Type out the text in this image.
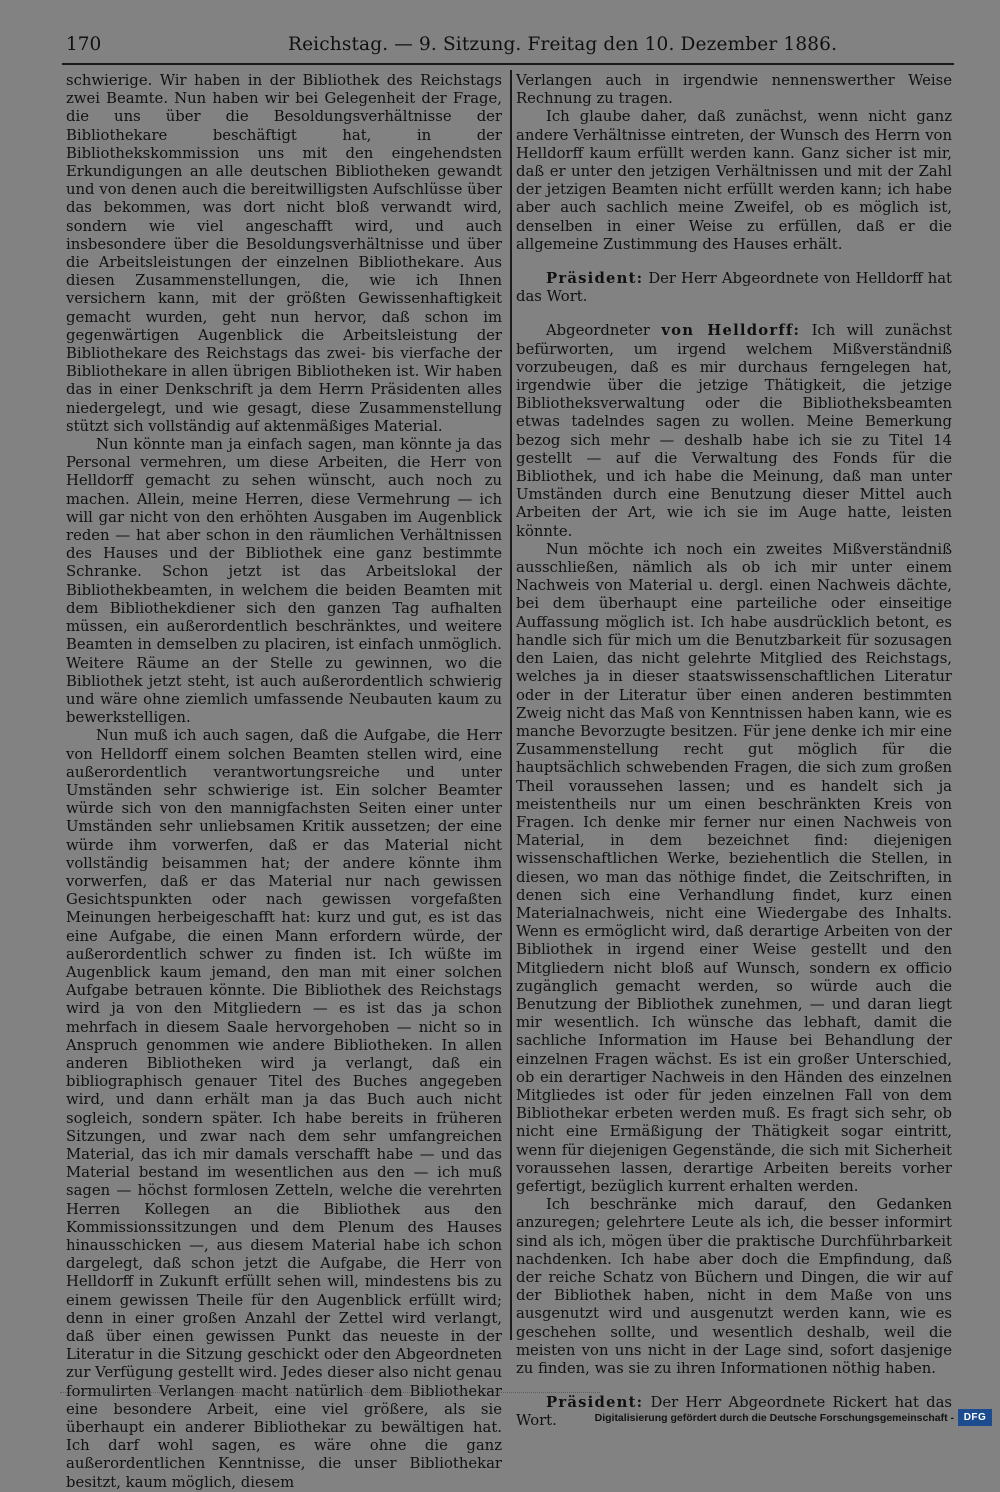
170	Reichstag. — 9. Sitzung. Freitag den 10. Dezember 1886.

schwierige. Wir haben in der Bibliothek des Reichstags zwei Beamte. Nun haben wir bei Gelegenheit der Frage, die uns über die Besoldungsverhältnisse der Bibliothekare beschäftigt hat, in der Bibliothekskommission uns mit den eingehendsten Erkundigungen an alle deutschen Bibliotheken gewandt und von denen auch die bereitwilligsten Aufschlüsse über das bekommen, was dort nicht bloß verwandt wird, sondern wie viel angeschafft wird, und auch insbesondere über die Besoldungsverhältnisse und über die Arbeitsleistungen der einzelnen Bibliothekare. Aus diesen Zusammenstellungen, die, wie ich Ihnen versichern kann, mit der größten Gewissenhaftigkeit gemacht wurden, geht nun hervor, daß schon im gegenwärtigen Augenblick die Arbeitsleistung der Bibliothekare des Reichstags das zwei- bis vierfache der Bibliothekare in allen übrigen Bibliotheken ist. Wir haben das in einer Denkschrift ja dem Herrn Präsidenten alles niedergelegt, und wie gesagt, diese Zusammenstellung stützt sich vollständig auf aktenmäßiges Material.

Nun könnte man ja einfach sagen, man könnte ja das Personal vermehren, um diese Arbeiten, die Herr von Helldorff gemacht zu sehen wünscht, auch noch zu machen. Allein, meine Herren, diese Vermehrung — ich will gar nicht von den erhöhten Ausgaben im Augenblick reden — hat aber schon in den räumlichen Verhältnissen des Hauses und der Bibliothek eine ganz bestimmte Schranke. Schon jetzt ist das Arbeitslokal der Bibliothekbeamten, in welchem die beiden Beamten mit dem Bibliothekdiener sich den ganzen Tag aufhalten müssen, ein außerordentlich beschränktes, und weitere Beamten in demselben zu placiren, ist einfach unmöglich. Weitere Räume an der Stelle zu gewinnen, wo die Bibliothek jetzt steht, ist auch außerordentlich schwierig und wäre ohne ziemlich umfassende Neubauten kaum zu bewerkstelligen.

Nun muß ich auch sagen, daß die Aufgabe, die Herr von Helldorff einem solchen Beamten stellen wird, eine außerordentlich verantwortungsreiche und unter Umständen sehr schwierige ist. Ein solcher Beamter würde sich von den mannigfachsten Seiten einer unter Umständen sehr unliebsamen Kritik aussetzen; der eine würde ihm vorwerfen, daß er das Material nicht vollständig beisammen hat; der andere könnte ihm vorwerfen, daß er das Material nur nach gewissen Gesichtspunkten oder nach gewissen vorgefaßten Meinungen herbeigeschafft hat: kurz und gut, es ist das eine Aufgabe, die einen Mann erfordern würde, der außerordentlich schwer zu finden ist. Ich wüßte im Augenblick kaum jemand, den man mit einer solchen Aufgabe betrauen könnte. Die Bibliothek des Reichstags wird ja von den Mitgliedern — es ist das ja schon mehrfach in diesem Saale hervorgehoben — nicht so in Anspruch genommen wie andere Bibliotheken. In allen anderen Bibliotheken wird ja verlangt, daß ein bibliographisch genauer Titel des Buches angegeben wird, und dann erhält man ja das Buch auch nicht sogleich, sondern später. Ich habe bereits in früheren Sitzungen, und zwar nach dem sehr umfangreichen Material, das ich mir damals verschafft habe — und das Material bestand im wesentlichen aus den — ich muß sagen — höchst formlosen Zetteln, welche die verehrten Herren Kollegen an die Bibliothek aus den Kommissionssitzungen und dem Plenum des Hauses hinausschicken —, aus diesem Material habe ich schon dargelegt, daß schon jetzt die Aufgabe, die Herr von Helldorff in Zukunft erfüllt sehen will, mindestens bis zu einem gewissen Theile für den Augenblick erfüllt wird; denn in einer großen Anzahl der Zettel wird verlangt, daß über einen gewissen Punkt das neueste in der Literatur in die Sitzung geschickt oder den Abgeordneten zur Verfügung gestellt wird. Jedes dieser also nicht genau formulirten Verlangen macht natürlich dem Bibliothekar eine besondere Arbeit, eine viel größere, als sie überhaupt ein anderer Bibliothekar zu bewältigen hat. Ich darf wohl sagen, es wäre ohne die ganz außerordentlichen Kenntnisse, die unser Bibliothekar besitzt, kaum möglich, diesem

Verlangen auch in irgendwie nennenswerther Weise Rechnung zu tragen.

Ich glaube daher, daß zunächst, wenn nicht ganz andere Verhältnisse eintreten, der Wunsch des Herrn von Helldorff kaum erfüllt werden kann. Ganz sicher ist mir, daß er unter den jetzigen Verhältnissen und mit der Zahl der jetzigen Beamten nicht erfüllt werden kann; ich habe aber auch sachlich meine Zweifel, ob es möglich ist, denselben in einer Weise zu erfüllen, daß er die allgemeine Zustimmung des Hauses erhält.

Präsident: Der Herr Abgeordnete von Helldorff hat das Wort.

Abgeordneter von Helldorff: Ich will zunächst befürworten, um irgend welchem Mißverständniß vorzubeugen, daß es mir durchaus ferngelegen hat, irgendwie über die jetzige Thätigkeit, die jetzige Bibliotheksverwaltung oder die Bibliotheksbeamten etwas tadelndes sagen zu wollen. Meine Bemerkung bezog sich mehr — deshalb habe ich sie zu Titel 14 gestellt — auf die Verwaltung des Fonds für die Bibliothek, und ich habe die Meinung, daß man unter Umständen durch eine Benutzung dieser Mittel auch Arbeiten der Art, wie ich sie im Auge hatte, leisten könnte.

Nun möchte ich noch ein zweites Mißverständniß ausschließen, nämlich als ob ich mir unter einem Nachweis von Material u. dergl. einen Nachweis dächte, bei dem überhaupt eine parteiliche oder einseitige Auffassung möglich ist. Ich habe ausdrücklich betont, es handle sich für mich um die Benutzbarkeit für sozusagen den Laien, das nicht gelehrte Mitglied des Reichstags, welches ja in dieser staatswissenschaftlichen Literatur oder in der Literatur über einen anderen bestimmten Zweig nicht das Maß von Kenntnissen haben kann, wie es manche Bevorzugte besitzen. Für jene denke ich mir eine Zusammenstellung recht gut möglich für die hauptsächlich schwebenden Fragen, die sich zum großen Theil voraussehen lassen; und es handelt sich ja meistentheils nur um einen beschränkten Kreis von Fragen. Ich denke mir ferner nur einen Nachweis von Material, in dem bezeichnet find: diejenigen wissenschaftlichen Werke, beziehentlich die Stellen, in diesen, wo man das nöthige findet, die Zeitschriften, in denen sich eine Verhandlung findet, kurz einen Materialnachweis, nicht eine Wiedergabe des Inhalts. Wenn es ermöglicht wird, daß derartige Arbeiten von der Bibliothek in irgend einer Weise gestellt und den Mitgliedern nicht bloß auf Wunsch, sondern ex officio zugänglich gemacht werden, so würde auch die Benutzung der Bibliothek zunehmen, — und daran liegt mir wesentlich. Ich wünsche das lebhaft, damit die sachliche Information im Hause bei Behandlung der einzelnen Fragen wächst. Es ist ein großer Unterschied, ob ein derartiger Nachweis in den Händen des einzelnen Mitgliedes ist oder für jeden einzelnen Fall von dem Bibliothekar erbeten werden muß. Es fragt sich sehr, ob nicht eine Ermäßigung der Thätigkeit sogar eintritt, wenn für diejenigen Gegenstände, die sich mit Sicherheit voraussehen lassen, derartige Arbeiten bereits vorher gefertigt, bezüglich kurrent erhalten werden.

Ich beschränke mich darauf, den Gedanken anzuregen; gelehrtere Leute als ich, die besser informirt sind als ich, mögen über die praktische Durchführbarkeit nachdenken. Ich habe aber doch die Empfindung, daß der reiche Schatz von Büchern und Dingen, die wir auf der Bibliothek haben, nicht in dem Maße von uns ausgenutzt wird und ausgenutzt werden kann, wie es geschehen sollte, und wesentlich deshalb, weil die meisten von uns nicht in der Lage sind, sofort dasjenige zu finden, was sie zu ihren Informationen nöthig haben.

Präsident: Der Herr Abgeordnete Rickert hat das Wort.	Digitalisierung gefördert durch die Deutsche Forschungsgemeinschaft - DFG
